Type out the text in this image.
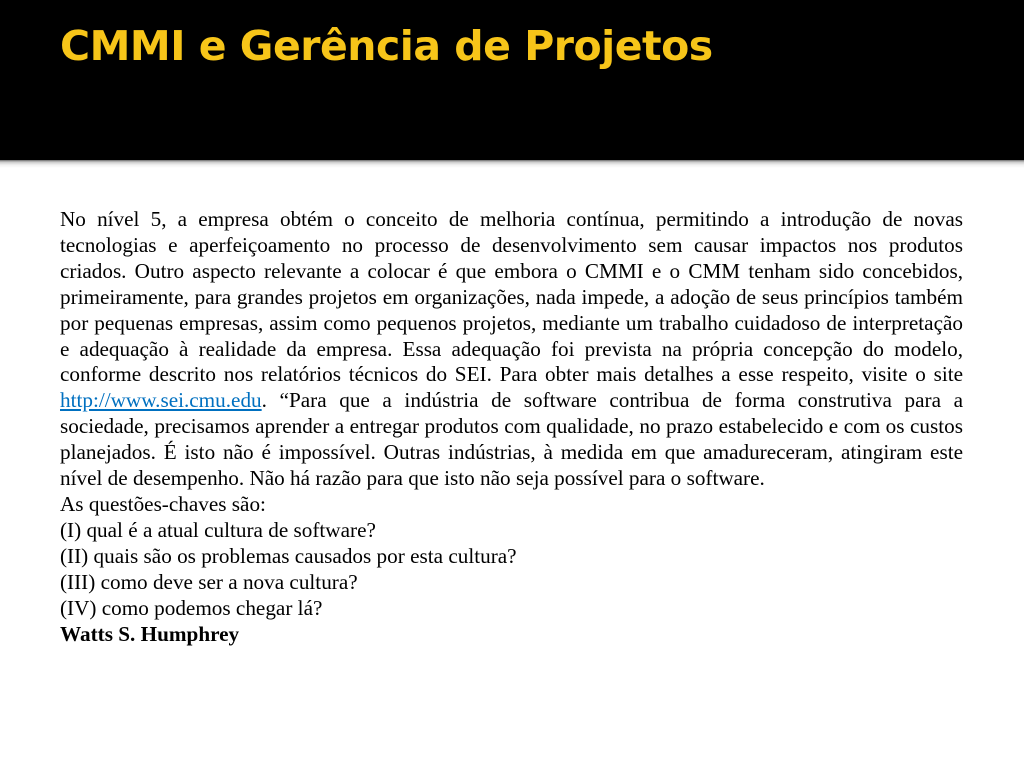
CMMI e Gerência de Projetos

No nível 5, a empresa obtém o conceito de melhoria contínua, permitindo a introdução de novas tecnologias e aperfeiçoamento no processo de desenvolvimento sem causar impactos nos produtos criados. Outro aspecto relevante a colocar é que embora o CMMI e o CMM tenham sido concebidos, primeiramente, para grandes projetos em organizações, nada impede, a adoção de seus princípios também por pequenas empresas, assim como pequenos projetos, mediante um trabalho cuidadoso de interpretação e adequação à realidade da empresa. Essa adequação foi prevista na própria concepção do modelo, conforme descrito nos relatórios técnicos do SEI. Para obter mais detalhes a esse respeito, visite o site http://www.sei.cmu.edu. “Para que a indústria de software contribua de forma construtiva para a sociedade, precisamos aprender a entregar produtos com qualidade, no prazo estabelecido e com os custos planejados. É isto não é impossível. Outras indústrias, à medida em que amadureceram, atingiram este nível de desempenho. Não há razão para que isto não seja possível para o software.

As questões-chaves são:

(I) qual é a atual cultura de software?

(II) quais são os problemas causados por esta cultura?

(III) como deve ser a nova cultura?

(IV) como podemos chegar lá?

Watts S. Humphrey
